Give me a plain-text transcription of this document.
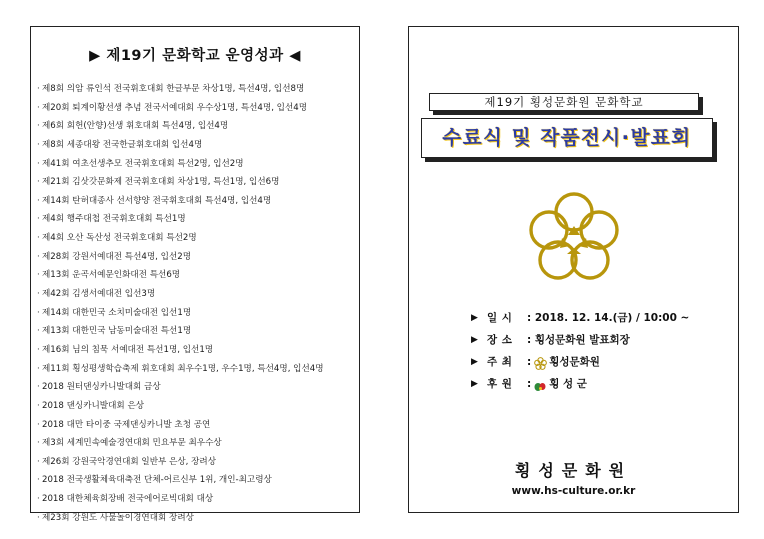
▶ 제19기 문화학교 운영성과 ◀
· 제8회 의암 류인석 전국휘호대회 한글부문 차상1명, 특선4명, 입선8명
· 제20회 퇴계이황선생 추념 전국서예대회 우수상1명, 특선4명, 입선4명
· 제6회 회헌(안향)선생 휘호대회 특선4명, 입선4명
· 제8회 세종대왕 전국한글휘호대회 입선4명
· 제41회 여초선생추모 전국휘호대회 특선2명, 입선2명
· 제21회 김삿갓문화제 전국휘호대회 차상1명, 특선1명, 입선6명
· 제14회 탄허대종사 선서향양 전국휘호대회 특선4명, 입선4명
· 제4회 행주대첩 전국휘호대회 특선1명
· 제4회 오산 독산성 전국휘호대회 특선2명
· 제28회 강원서예대전 특선4명, 입선2명
· 제13회 운곡서예문인화대전 특선6명
· 제42회 김생서예대전 입선3명
· 제14회 대한민국 소치미술대전 입선1명
· 제13회 대한민국 남동미술대전 특선1명
· 제16회 님의 침묵 서예대전 특선1명, 입선1명
· 제11회 횡성평생학습축제 휘호대회 최우수1명, 우수1명, 특선4명, 입선4명
· 2018 원터댄싱카니발대회 금상
· 2018 댄싱카니발대회 은상
· 2018 대만 타이중 국제댄싱카니발 초청 공연
· 제3회 세계민속예술경연대회 민요부문 최우수상
· 제26회 강원국악경연대회 일반부 은상, 장려상
· 2018 전국생활체육대축전 단체-어르신부 1위, 개인-최고령상
· 2018 대한체육회장배 전국에어로빅대회 대상
· 제23회 강원도 사물놀이경연대회 장려상
제19기 횡성문화원 문화학교
수료식 및 작품전시·발표회
▶ 일 시	: 2018. 12. 14.(금) / 10:00 ~
▶ 장 소	: 횡성문화원 발표회장
▶ 주 최	: 횡성문화원
▶ 후 원	: 횡 성 군
횡성문화원
www.hs-culture.or.kr
